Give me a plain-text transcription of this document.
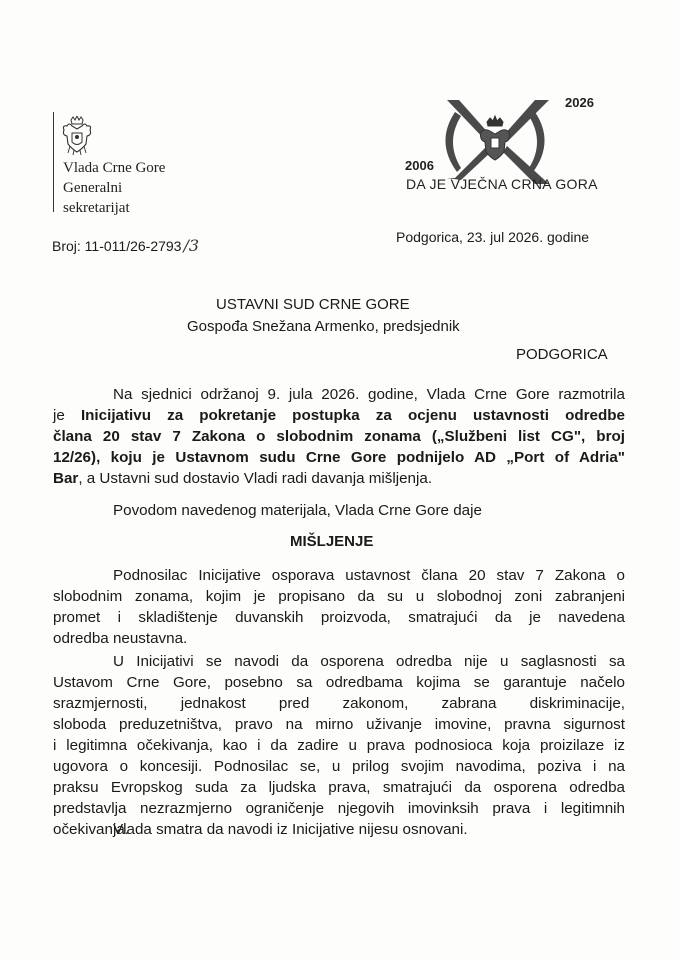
Vlada Crne Gore
Generalni
sekretarijat
2026
2006
DA JE VJEČNA CRNA GORA
Broj: 11-011/26-2793 /3	Podgorica, 23. jul 2026. godine
USTAVNI SUD CRNE GORE
Gospođa Snežana Armenko, predsjednik
PODGORICA
Na sjednici održanoj 9. jula 2026. godine, Vlada Crne Gore razmotrila
je Inicijativu za pokretanje postupka za ocjenu ustavnosti odredbe
člana 20 stav 7 Zakona o slobodnim zonama („Službeni list CG", broj
12/26), koju je Ustavnom sudu Crne Gore podnijelo AD „Port of Adria"
Bar, a Ustavni sud dostavio Vladi radi davanja mišljenja.
Povodom navedenog materijala, Vlada Crne Gore daje
MIŠLJENJE
Podnosilac Inicijative osporava ustavnost člana 20 stav 7 Zakona o
slobodnim zonama, kojim je propisano da su u slobodnoj zoni zabranjeni
promet i skladištenje duvanskih proizvoda, smatrajući da je navedena
odredba neustavna.
U Inicijativi se navodi da osporena odredba nije u saglasnosti sa
Ustavom Crne Gore, posebno sa odredbama kojima se garantuje načelo
srazmjernosti, jednakost pred zakonom, zabrana diskriminacije,
sloboda preduzetništva, pravo na mirno uživanje imovine, pravna sigurnost
i legitimna očekivanja, kao i da zadire u prava podnosioca koja proizilaze iz
ugovora o koncesiji. Podnosilac se, u prilog svojim navodima, poziva i na
praksu Evropskog suda za ljudska prava, smatrajući da osporena odredba
predstavlja nezrazmjerno ograničenje njegovih imovinksih prava i legitimnih
očekivanja.
Vlada smatra da navodi iz Inicijative nijesu osnovani.
